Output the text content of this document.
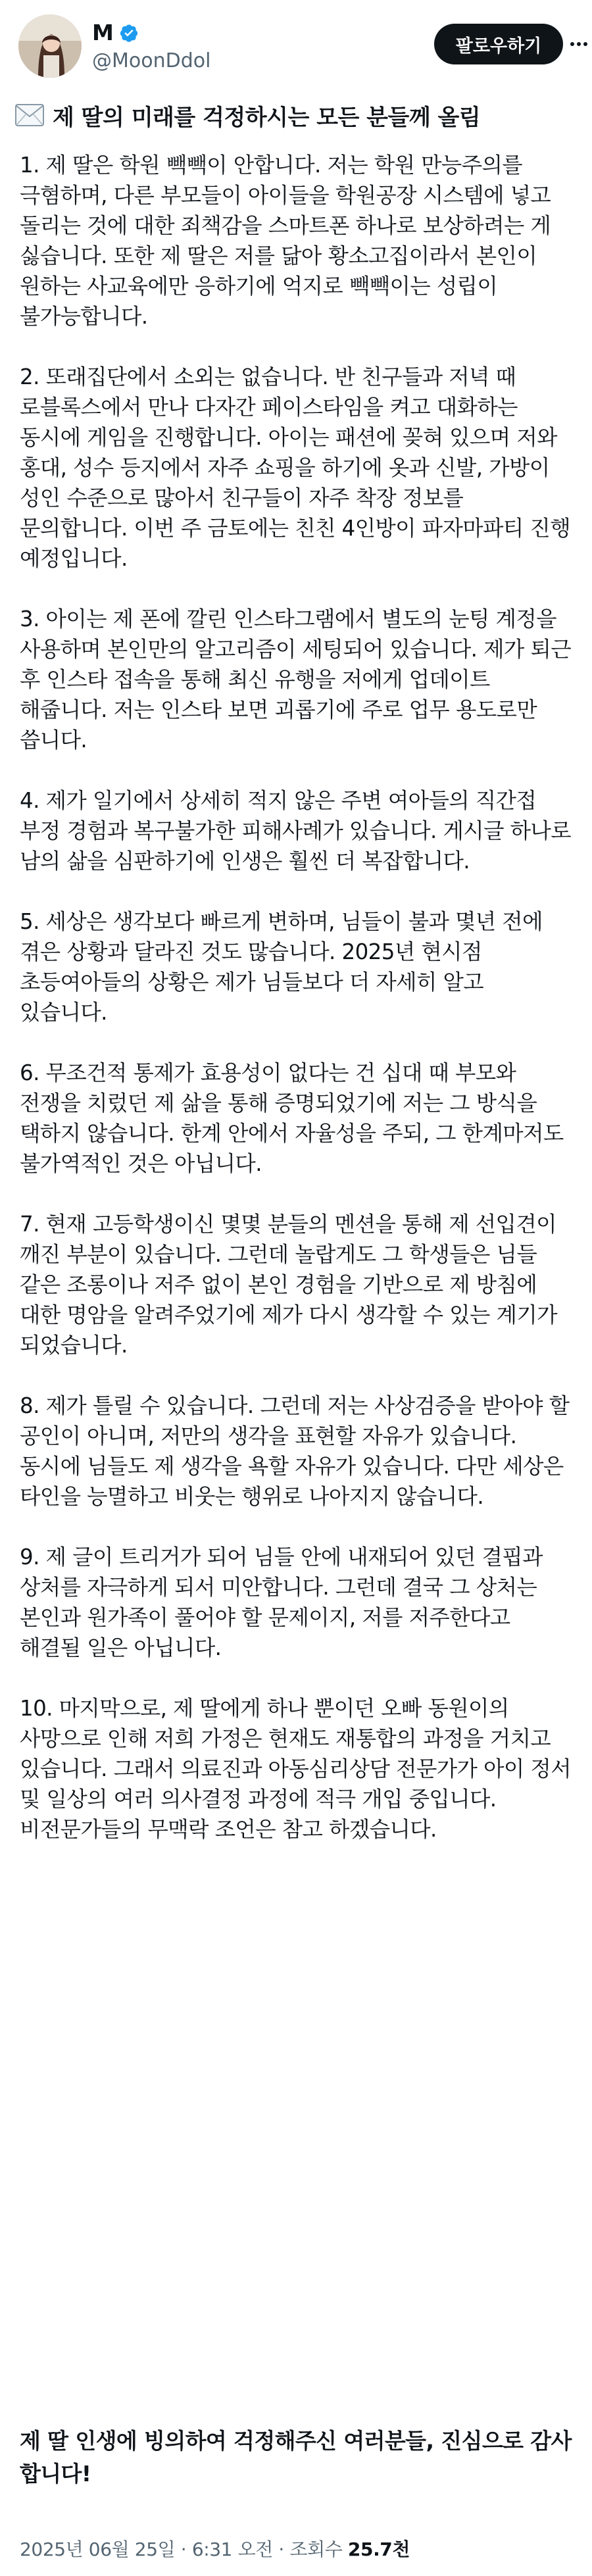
M
@MoonDdol
팔로우하기
제 딸의 미래를 걱정하시는 모든 분들께 올림

1. 제 딸은 학원 빽빽이 안합니다. 저는 학원 만능주의를 극혐하며, 다른 부모들이 아이들을 학원공장 시스템에 넣고 돌리는 것에 대한 죄책감을 스마트폰 하나로 보상하려는 게 싫습니다. 또한 제 딸은 저를 닮아 황소고집이라서 본인이 원하는 사교육에만 응하기에 억지로 빽빽이는 성립이 불가능합니다.

2. 또래집단에서 소외는 없습니다. 반 친구들과 저녁 때 로블록스에서 만나 다자간 페이스타임을 켜고 대화하는 동시에 게임을 진행합니다. 아이는 패션에 꽂혀 있으며 저와 홍대, 성수 등지에서 자주 쇼핑을 하기에 옷과 신발, 가방이 성인 수준으로 많아서 친구들이 자주 착장 정보를 문의합니다. 이번 주 금토에는 친친 4인방이 파자마파티 진행 예정입니다.

3. 아이는 제 폰에 깔린 인스타그램에서 별도의 눈팅 계정을 사용하며 본인만의 알고리즘이 세팅되어 있습니다. 제가 퇴근 후 인스타 접속을 통해 최신 유행을 저에게 업데이트 해줍니다. 저는 인스타 보면 괴롭기에 주로 업무 용도로만 씁니다.

4. 제가 일기에서 상세히 적지 않은 주변 여아들의 직간접 부정 경험과 복구불가한 피해사례가 있습니다. 게시글 하나로 남의 삶을 심판하기에 인생은 훨씬 더 복잡합니다.

5. 세상은 생각보다 빠르게 변하며, 님들이 불과 몇년 전에 겪은 상황과 달라진 것도 많습니다. 2025년 현시점 초등여아들의 상황은 제가 님들보다 더 자세히 알고 있습니다.

6. 무조건적 통제가 효용성이 없다는 건 십대 때 부모와 전쟁을 치렀던 제 삶을 통해 증명되었기에 저는 그 방식을 택하지 않습니다. 한계 안에서 자율성을 주되, 그 한계마저도 불가역적인 것은 아닙니다.

7. 현재 고등학생이신 몇몇 분들의 멘션을 통해 제 선입견이 깨진 부분이 있습니다. 그런데 놀랍게도 그 학생들은 님들 같은 조롱이나 저주 없이 본인 경험을 기반으로 제 방침에 대한 명암을 알려주었기에 제가 다시 생각할 수 있는 계기가 되었습니다.

8. 제가 틀릴 수 있습니다. 그런데 저는 사상검증을 받아야 할 공인이 아니며, 저만의 생각을 표현할 자유가 있습니다. 동시에 님들도 제 생각을 욕할 자유가 있습니다. 다만 세상은 타인을 능멸하고 비웃는 행위로 나아지지 않습니다.

9. 제 글이 트리거가 되어 님들 안에 내재되어 있던 결핍과 상처를 자극하게 되서 미안합니다. 그런데 결국 그 상처는 본인과 원가족이 풀어야 할 문제이지, 저를 저주한다고 해결될 일은 아닙니다.

10. 마지막으로, 제 딸에게 하나 뿐이던 오빠 동원이의 사망으로 인해 저희 가정은 현재도 재통합의 과정을 거치고 있습니다. 그래서 의료진과 아동심리상담 전문가가 아이 정서 및 일상의 여러 의사결정 과정에 적극 개입 중입니다. 비전문가들의 무맥락 조언은 참고 하겠습니다.

제 딸 인생에 빙의하여 걱정해주신 여러분들, 진심으로 감사합니다!
2025년 06월 25일 · 6:31 오전 · 조회수 25.7천
